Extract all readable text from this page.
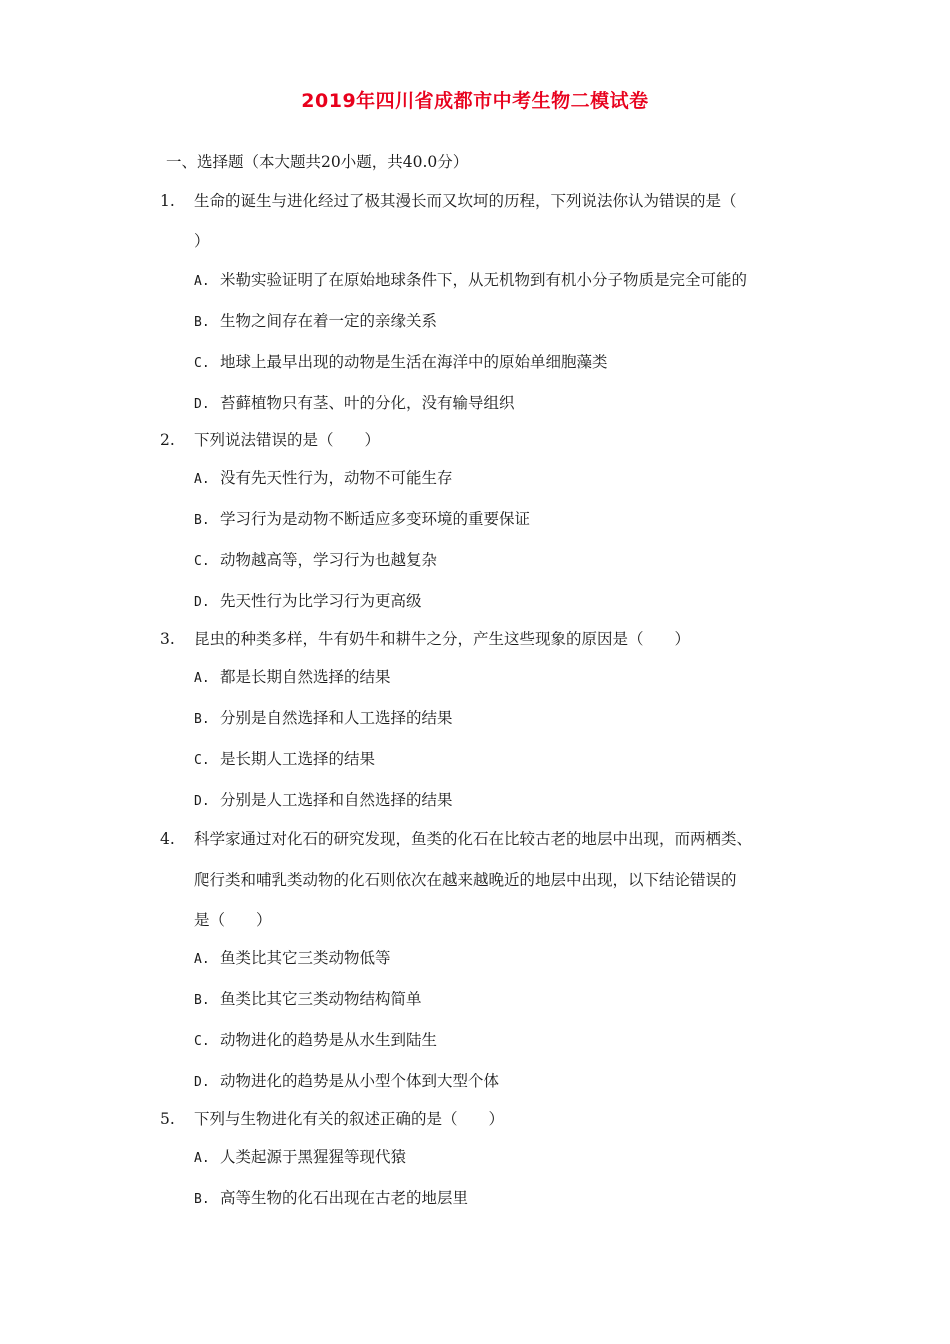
2019年四川省成都市中考生物二模试卷
一、选择题（本大题共20小题，共40.0分）
1. 生命的诞生与进化经过了极其漫长而又坎坷的历程，下列说法你认为错误的是（
）
A. 米勒实验证明了在原始地球条件下，从无机物到有机小分子物质是完全可能的
B. 生物之间存在着一定的亲缘关系
C. 地球上最早出现的动物是生活在海洋中的原始单细胞藻类
D. 苔藓植物只有茎、叶的分化，没有输导组织
2. 下列说法错误的是（　　）
A. 没有先天性行为，动物不可能生存
B. 学习行为是动物不断适应多变环境的重要保证
C. 动物越高等，学习行为也越复杂
D. 先天性行为比学习行为更高级
3. 昆虫的种类多样，牛有奶牛和耕牛之分，产生这些现象的原因是（　　）
A. 都是长期自然选择的结果
B. 分别是自然选择和人工选择的结果
C. 是长期人工选择的结果
D. 分别是人工选择和自然选择的结果
4. 科学家通过对化石的研究发现，鱼类的化石在比较古老的地层中出现，而两栖类、
爬行类和哺乳类动物的化石则依次在越来越晚近的地层中出现，以下结论错误的
是（　　）
A. 鱼类比其它三类动物低等
B. 鱼类比其它三类动物结构简单
C. 动物进化的趋势是从水生到陆生
D. 动物进化的趋势是从小型个体到大型个体
5. 下列与生物进化有关的叙述正确的是（　　）
A. 人类起源于黑猩猩等现代猿
B. 高等生物的化石出现在古老的地层里
